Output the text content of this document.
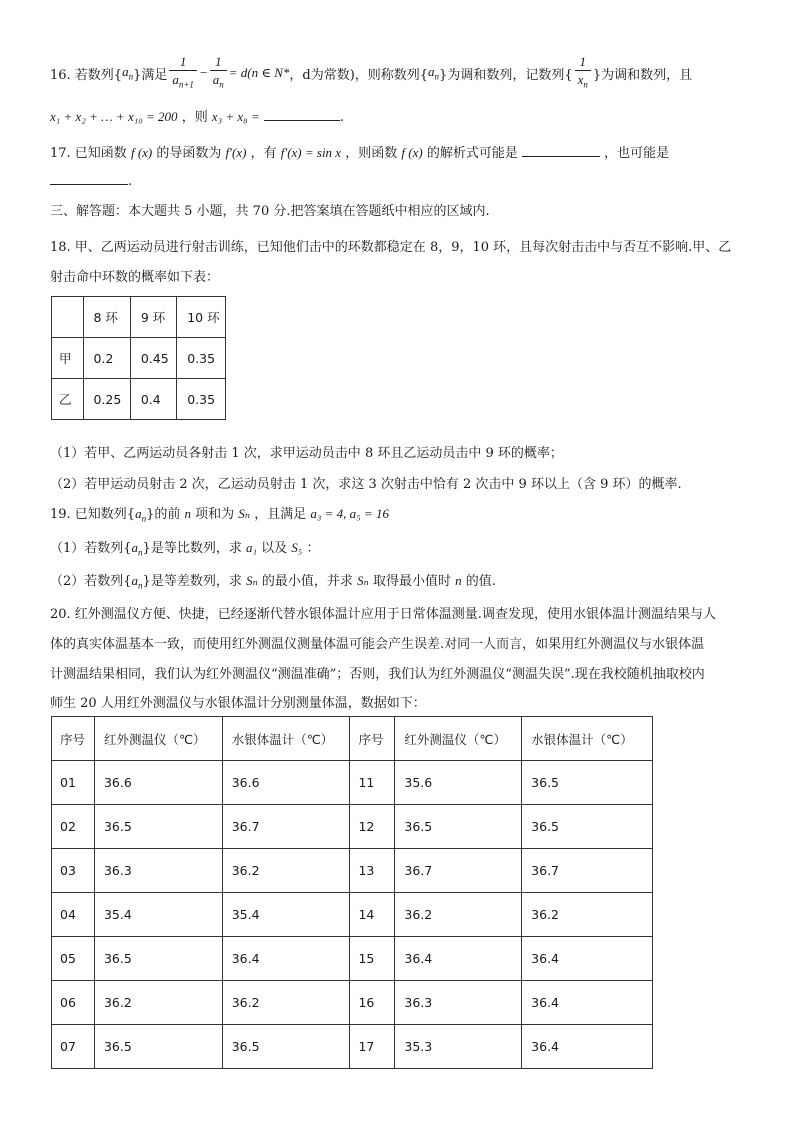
16. 若数列{ $a_n$ }满足 $\frac{1}{a_{n+1}} - \frac{1}{a_n} = d$ (n ∈ N* ，d为常数)，则称数列{ $a_n$ }为调和数列，记数列{ $\frac{1}{x_n}$ }为调和数列，且
x₁ + x₂ + … + x₁₀ = 200 ，则 x₃ + x₈ =	.
17. 已知函数 f (x) 的导函数为 f′(x) ，有 f′(x) = sin x ，则函数 f (x) 的解析式可能是	，也可能是
.
三、解答题：本大题共 5 小题，共 70 分.把答案填在答题纸中相应的区域内.
18. 甲、乙两运动员进行射击训练，已知他们击中的环数都稳定在 8，9，10 环，且每次射击击中与否互不影响.甲、乙
射击命中环数的概率如下表：
	8 环	9 环	10 环
甲	0.2	0.45	0.35
乙	0.25	0.4	0.35
（1）若甲、乙两运动员各射击 1 次，求甲运动员击中 8 环且乙运动员击中 9 环的概率；
（2）若甲运动员射击 2 次，乙运动员射击 1 次，求这 3 次射击中恰有 2 次击中 9 环以上（含 9 环）的概率.
19. 已知数列$\{a_n\}$的前 n 项和为 Sₙ ，且满足 a₃ = 4, a₅ = 16
（1）若数列$\{a_n\}$是等比数列，求 a₁ 以及 S₅ ：
（2）若数列$\{a_n\}$是等差数列，求 Sₙ 的最小值，并求 Sₙ 取得最小值时 n 的值.
20. 红外测温仪方便、快捷，已经逐渐代替水银体温计应用于日常体温测量.调查发现，使用水银体温计测温结果与人
体的真实体温基本一致，而使用红外测温仪测量体温可能会产生误差.对同一人而言，如果用红外测温仪与水银体温
计测温结果相同，我们认为红外测温仪“测温准确”；否则，我们认为红外测温仪“测温失误”.现在我校随机抽取校内
师生 20 人用红外测温仪与水银体温计分别测量体温，数据如下：
序号	红外测温仪（℃）	水银体温计（℃）	序号	红外测温仪（℃）	水银体温计（℃）
01	36.6	36.6	11	35.6	36.5
02	36.5	36.7	12	36.5	36.5
03	36.3	36.2	13	36.7	36.7
04	35.4	35.4	14	36.2	36.2
05	36.5	36.4	15	36.4	36.4
06	36.2	36.2	16	36.3	36.4
07	36.5	36.5	17	35.3	36.4
